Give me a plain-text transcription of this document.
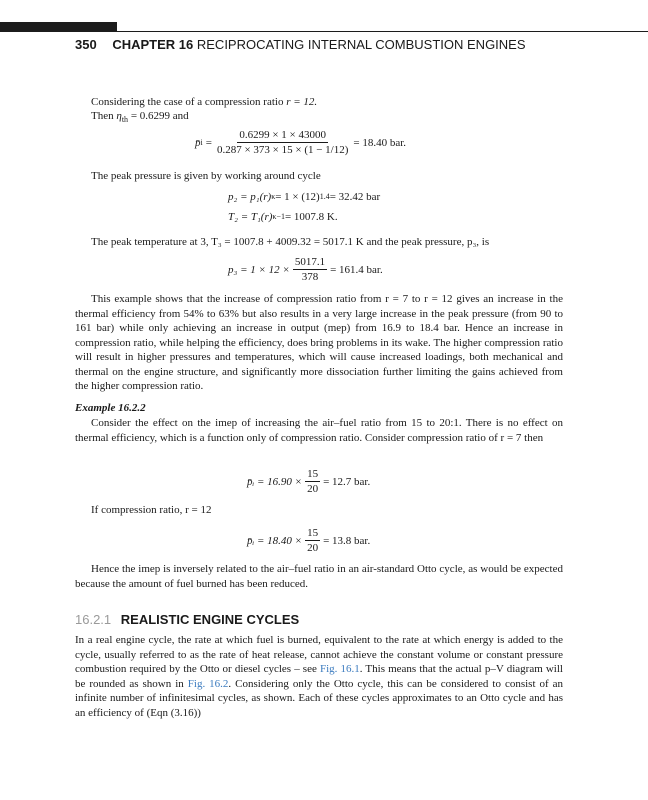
350 CHAPTER 16 RECIPROCATING INTERNAL COMBUSTION ENGINES
Considering the case of a compression ratio r = 12.
Then $\eta_{th} = 0.6299$ and
p̄ $i = \frac{0.6299 \times 1 \times 43000}{0.287 \times 373 \times 15 \times (1 - 1/12)} = 18.40$ bar.
The peak pressure is given by working around cycle
p₂ = p₁(r) κ = 1 × (12) 1.4 = 32.42 bar
T₂ = T₁(r) κ−1 = 1007.8 K.
The peak temperature at 3, T₃ = 1007.8 + 4009.32 = 5017.1 K and the peak pressure, p₃, is
$p_3 = 1 \times 12 \times \frac{5017.1}{378} = 161.4$ bar.
This example shows that the increase of compression ratio from r = 7 to r = 12 gives an increase in the thermal efficiency from 54% to 63% but also results in a very large increase in the peak pressure (from 90 to 161 bar) while only achieving an increase in output (mep) from 16.9 to 18.4 bar. Hence an increase in compression ratio, while helping the efficiency, does bring problems in its wake. The higher compression ratio will result in higher pressures and temperatures, which will cause increased loadings, both mechanical and thermal on the engine structure, and significantly more dissociation further limiting the gains achieved from the higher compression ratio.
Example 16.2.2
Consider the effect on the imep of increasing the air–fuel ratio from 15 to 20:1. There is no effect on thermal efficiency, which is a function only of compression ratio. Consider compression ratio of r = 7 then
p̄ᵢ = $16.90 \times \frac{15}{20} = 12.7$ bar.
If compression ratio, r = 12
p̄ᵢ = $18.40 \times \frac{15}{20} = 13.8$ bar.
Hence the imep is inversely related to the air–fuel ratio in an air-standard Otto cycle, as would be expected because the amount of fuel burned has been reduced.
16.2.1 REALISTIC ENGINE CYCLES
In a real engine cycle, the rate at which fuel is burned, equivalent to the rate at which energy is added to the cycle, usually referred to as the rate of heat release, cannot achieve the constant volume or constant pressure combustion required by the Otto or diesel cycles – see Fig. 16.1. This means that the actual p–V diagram will be rounded as shown in Fig. 16.2. Considering only the Otto cycle, this can be considered to consist of an infinite number of infinitesimal cycles, as shown. Each of these cycles approximates to an Otto cycle and has an efficiency of (Eqn (3.16))
